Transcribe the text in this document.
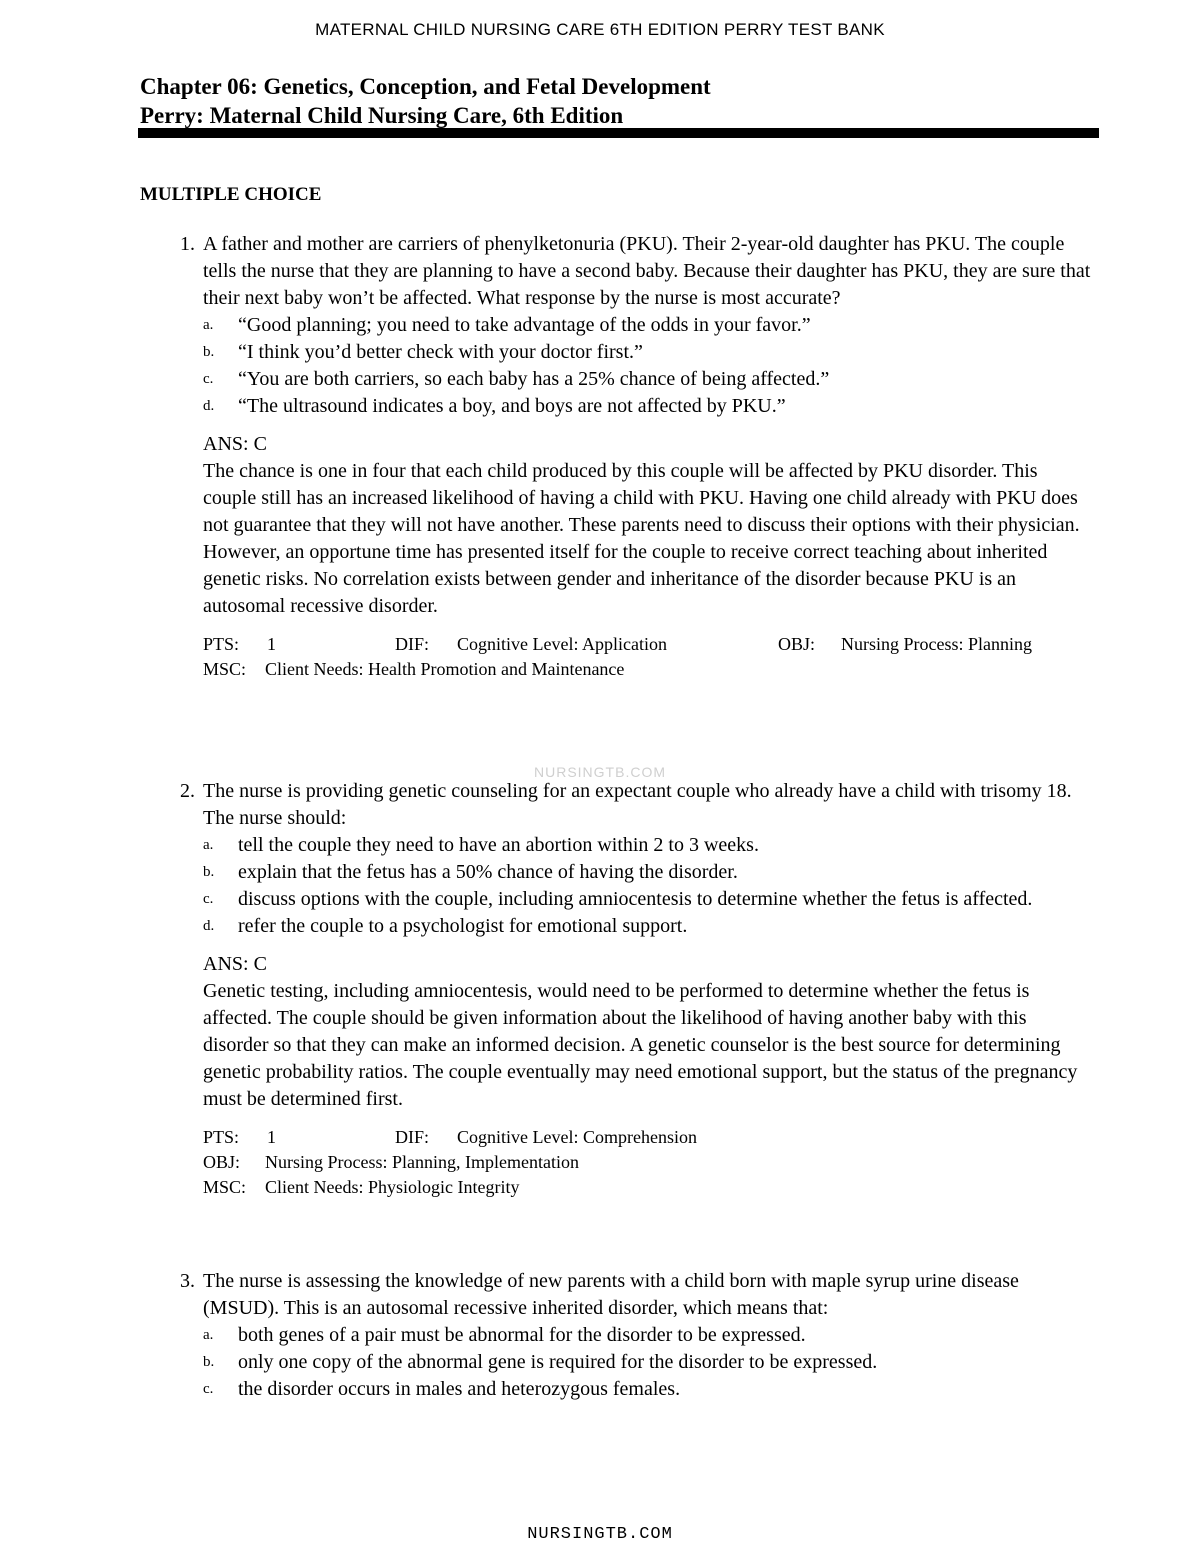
MATERNAL CHILD NURSING CARE 6TH EDITION PERRY TEST BANK
Chapter 06: Genetics, Conception, and Fetal Development
Perry: Maternal Child Nursing Care, 6th Edition
MULTIPLE CHOICE
1. A father and mother are carriers of phenylketonuria (PKU). Their 2-year-old daughter has PKU. The couple tells the nurse that they are planning to have a second baby. Because their daughter has PKU, they are sure that their next baby won’t be affected. What response by the nurse is most accurate?
a. “Good planning; you need to take advantage of the odds in your favor.”
b. “I think you’d better check with your doctor first.”
c. “You are both carriers, so each baby has a 25% chance of being affected.”
d. “The ultrasound indicates a boy, and boys are not affected by PKU.”
ANS: C

The chance is one in four that each child produced by this couple will be affected by PKU disorder. This couple still has an increased likelihood of having a child with PKU. Having one child already with PKU does not guarantee that they will not have another. These parents need to discuss their options with their physician. However, an opportune time has presented itself for the couple to receive correct teaching about inherited genetic risks. No correlation exists between gender and inheritance of the disorder because PKU is an autosomal recessive disorder.

PTS: 1	DIF: Cognitive Level: Application	OBJ: Nursing Process: Planning
MSC: Client Needs: Health Promotion and Maintenance
NURSINGTB.COM
2. The nurse is providing genetic counseling for an expectant couple who already have a child with trisomy 18. The nurse should:
a. tell the couple they need to have an abortion within 2 to 3 weeks.
b. explain that the fetus has a 50% chance of having the disorder.
c. discuss options with the couple, including amniocentesis to determine whether the fetus is affected.
d. refer the couple to a psychologist for emotional support.
ANS: C

Genetic testing, including amniocentesis, would need to be performed to determine whether the fetus is affected. The couple should be given information about the likelihood of having another baby with this disorder so that they can make an informed decision. A genetic counselor is the best source for determining genetic probability ratios. The couple eventually may need emotional support, but the status of the pregnancy must be determined first.

PTS: 1	DIF: Cognitive Level: Comprehension
OBJ: Nursing Process: Planning, Implementation
MSC: Client Needs: Physiologic Integrity
3. The nurse is assessing the knowledge of new parents with a child born with maple syrup urine disease (MSUD). This is an autosomal recessive inherited disorder, which means that:
a. both genes of a pair must be abnormal for the disorder to be expressed.
b. only one copy of the abnormal gene is required for the disorder to be expressed.
c. the disorder occurs in males and heterozygous females.
NURSINGTB.COM
